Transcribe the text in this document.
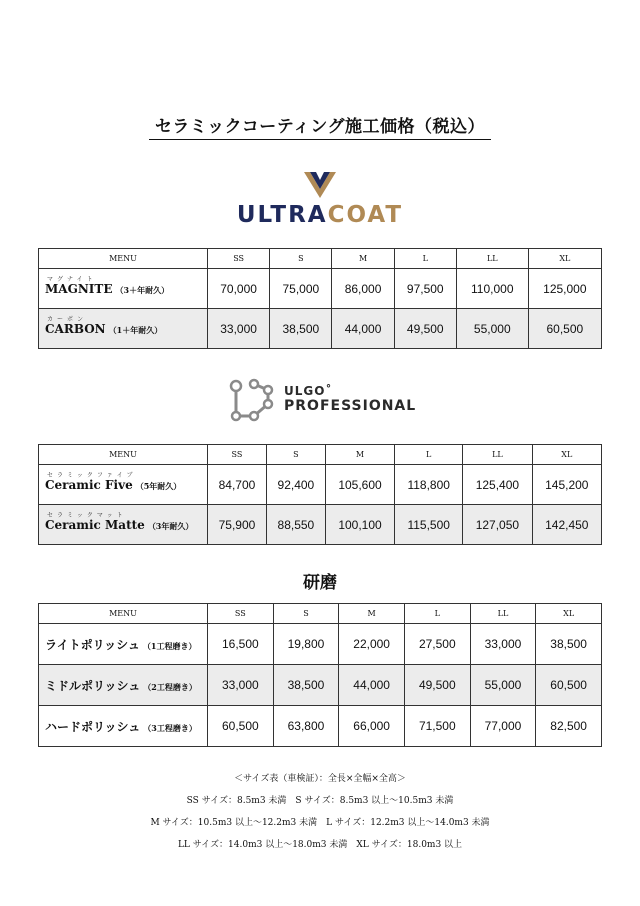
セラミックコーティング施工価格（税込）
ULTRACOAT
MENU	SS	S	M	L	LL	XL

マグナイト
MAGNITE （3＋年耐久）	70,000	75,000	86,000	97,500	110,000	125,000

カーボン
CARBON （1＋年耐久）	33,000	38,500	44,000	49,500	55,000	60,500
ULGO˚
PROFESSIONAL
MENU	SS	S	M	L	LL	XL

セラミックファイブ
Ceramic Five （5年耐久）	84,700	92,400	105,600	118,800	125,400	145,200

セラミックマット
Ceramic Matte （3年耐久）	75,900	88,550	100,100	115,500	127,050	142,450
研磨
MENU	SS	S	M	L	LL	XL
ライトポリッシュ （1工程磨き）	16,500	19,800	22,000	27,500	33,000	38,500
ミドルポリッシュ （2工程磨き）	33,000	38,500	44,000	49,500	55,000	60,500
ハードポリッシュ （3工程磨き）	60,500	63,800	66,000	71,500	77,000	82,500
＜サイズ表（車検証）：全長×全幅×全高＞
SS サイズ：8.5m3 未満　S サイズ：8.5m3 以上～10.5m3 未満
M サイズ：10.5m3 以上～12.2m3 未満　L サイズ：12.2m3 以上～14.0m3 未満
LL サイズ：14.0m3 以上～18.0m3 未満　XL サイズ：18.0m3 以上
